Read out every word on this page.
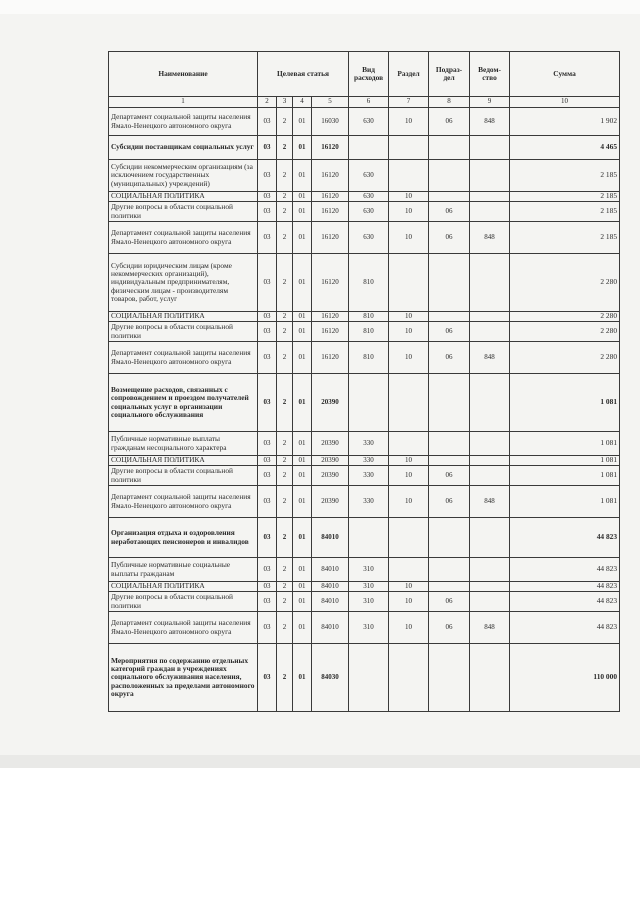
Наименование	Целевая статья				Вид расходов	Раздел	Подраз-дел	Ведом-ство	Сумма
1	2	3	4	5	6	7	8	9	10
Департамент социальной защиты населения Ямало-Ненецкого автономного округа	03	2	01	16030	630	10	06	848	1 902
Субсидии поставщикам социальных услуг	03	2	01	16120					4 465
Субсидии некоммерческим организациям (за исключением государственных (муниципальных) учреждений)	03	2	01	16120	630				2 185
СОЦИАЛЬНАЯ ПОЛИТИКА	03	2	01	16120	630	10			2 185
Другие вопросы в области социальной политики	03	2	01	16120	630	10	06		2 185
Департамент социальной защиты населения Ямало-Ненецкого автономного округа	03	2	01	16120	630	10	06	848	2 185
Субсидии юридическим лицам (кроме некоммерческих организаций), индивидуальным предпринимателям, физическим лицам - производителям товаров, работ, услуг	03	2	01	16120	810				2 280
СОЦИАЛЬНАЯ ПОЛИТИКА	03	2	01	16120	810	10			2 280
Другие вопросы в области социальной политики	03	2	01	16120	810	10	06		2 280
Департамент социальной защиты населения Ямало-Ненецкого автономного округа	03	2	01	16120	810	10	06	848	2 280
Возмещение расходов, связанных с сопровождением и проездом получателей социальных услуг в организации социального обслуживания	03	2	01	20390					1 081
Публичные нормативные выплаты гражданам несоциального характера	03	2	01	20390	330				1 081
СОЦИАЛЬНАЯ ПОЛИТИКА	03	2	01	20390	330	10			1 081
Другие вопросы в области социальной политики	03	2	01	20390	330	10	06		1 081
Департамент социальной защиты населения Ямало-Ненецкого автономного округа	03	2	01	20390	330	10	06	848	1 081
Организация отдыха и оздоровления неработающих пенсионеров и инвалидов	03	2	01	84010					44 823
Публичные нормативные социальные выплаты гражданам	03	2	01	84010	310				44 823
СОЦИАЛЬНАЯ ПОЛИТИКА	03	2	01	84010	310	10			44 823
Другие вопросы в области социальной политики	03	2	01	84010	310	10	06		44 823
Департамент социальной защиты населения Ямало-Ненецкого автономного округа	03	2	01	84010	310	10	06	848	44 823
Мероприятия по содержанию отдельных категорий граждан в учреждениях социального обслуживания населения, расположенных за пределами автономного округа	03	2	01	84030					110 000
